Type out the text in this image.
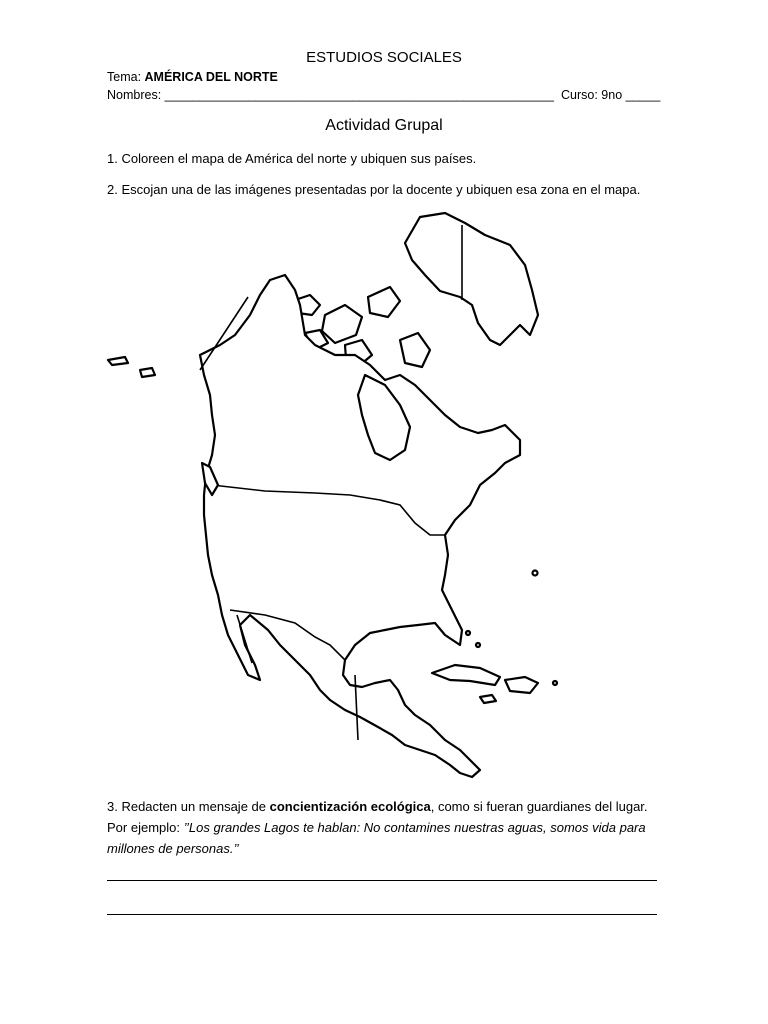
ESTUDIOS SOCIALES
Tema: AMÉRICA DEL NORTE
Nombres: ________________________________________________________ Curso: 9no _____
Actividad Grupal
1. Coloreen el mapa de América del norte y ubiquen sus países.
2. Escojan una de las imágenes presentadas por la docente y ubiquen esa zona en el mapa.
3. Redacten un mensaje de concientización ecológica, como si fueran guardianes del lugar. Por ejemplo: ’’Los grandes Lagos te hablan: No contamines nuestras aguas, somos vida para millones de personas.’’
